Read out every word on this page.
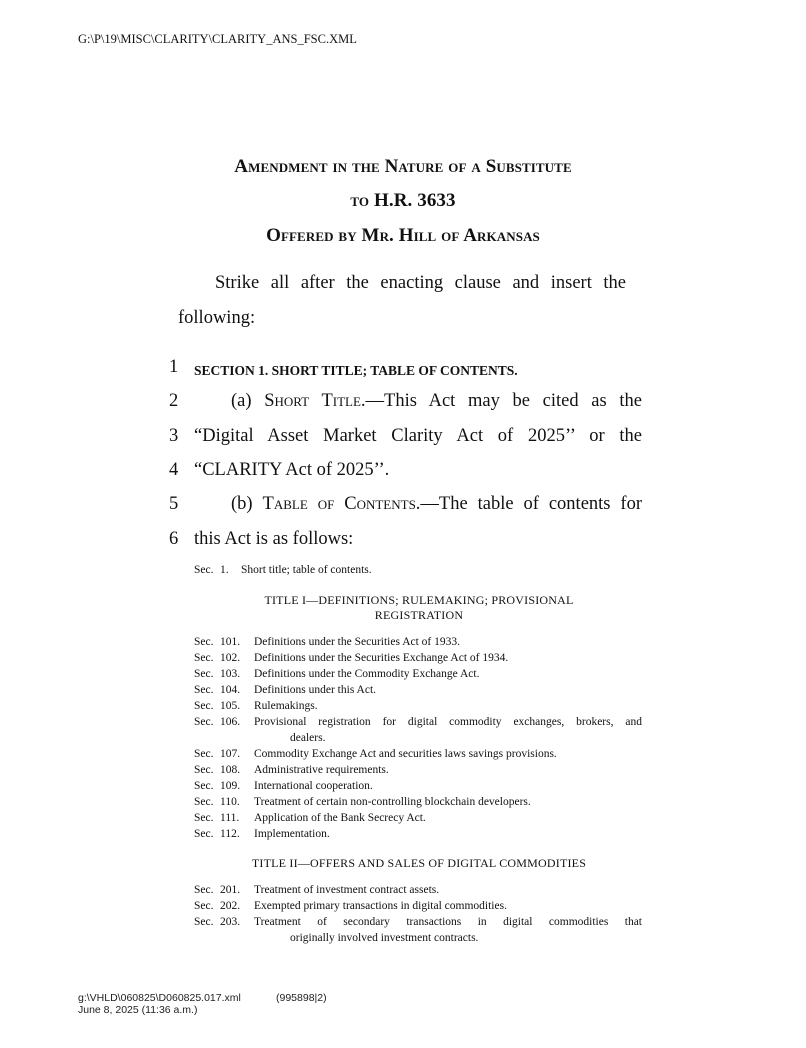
G:\P\19\MISC\CLARITY\CLARITY_ANS_FSC.XML
Amendment in the Nature of a Substitute
to H.R. 3633
Offered by Mr. Hill of Arkansas
Strike all after the enacting clause and insert the
following:
1	SECTION 1. SHORT TITLE; TABLE OF CONTENTS.
2	(a) Short Title.—This Act may be cited as the
3 “Digital Asset Market Clarity Act of 2025’’ or the
4 “CLARITY Act of 2025’’.
5	(b) Table of Contents.—The table of contents for
6 this Act is as follows:
Sec. 1. Short title; table of contents.
TITLE I—DEFINITIONS; RULEMAKING; PROVISIONAL
REGISTRATION
Sec. 101. Definitions under the Securities Act of 1933.
Sec. 102. Definitions under the Securities Exchange Act of 1934.
Sec. 103. Definitions under the Commodity Exchange Act.
Sec. 104. Definitions under this Act.
Sec. 105. Rulemakings.
Sec. 106. Provisional registration for digital commodity exchanges, brokers, and
dealers.
Sec. 107. Commodity Exchange Act and securities laws savings provisions.
Sec. 108. Administrative requirements.
Sec. 109. International cooperation.
Sec. 110. Treatment of certain non-controlling blockchain developers.
Sec. 111. Application of the Bank Secrecy Act.
Sec. 112. Implementation.
TITLE II—OFFERS AND SALES OF DIGITAL COMMODITIES
Sec. 201. Treatment of investment contract assets.
Sec. 202. Exempted primary transactions in digital commodities.
Sec. 203. Treatment of secondary transactions in digital commodities that
originally involved investment contracts.
g:\VHLD\060825\D060825.017.xml	(995898|2)
June 8, 2025 (11:36 a.m.)
